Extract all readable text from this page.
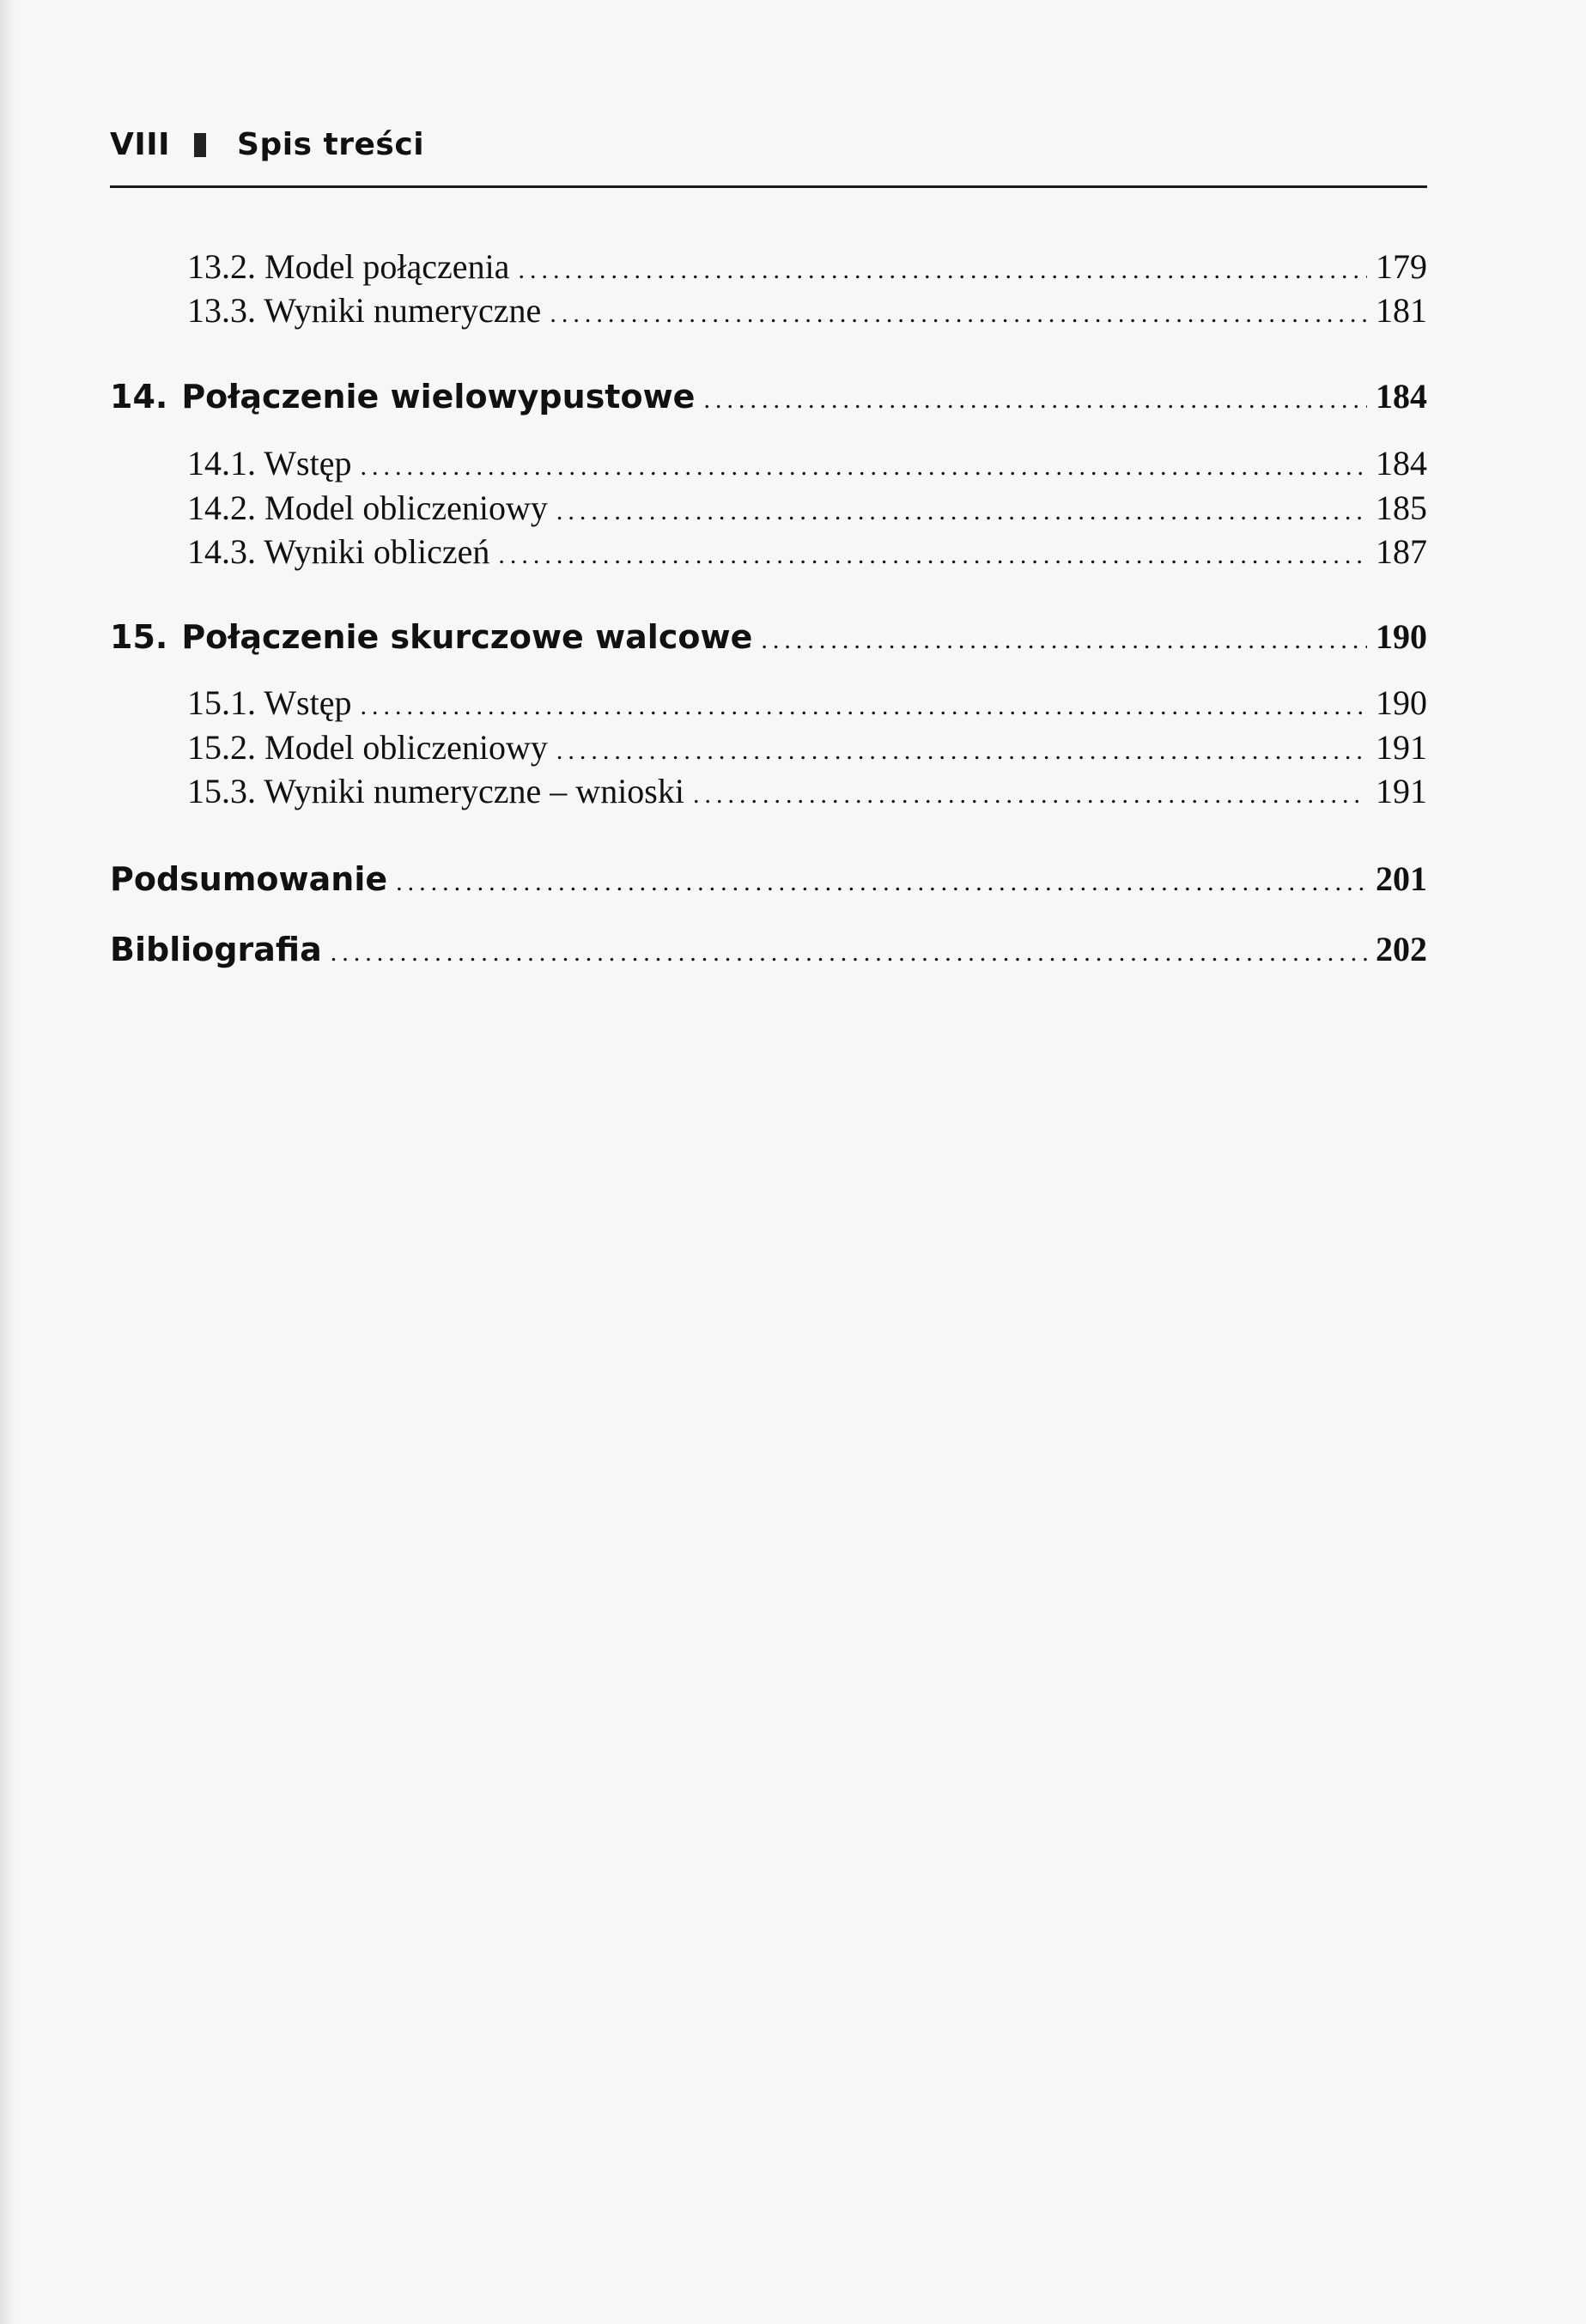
VIII Spis treści
13.2. Model połączenia .....	179
13.3. Wyniki numeryczne .....	181
14. Połączenie wielowypustowe .....	184
14.1. Wstęp .....	184
14.2. Model obliczeniowy .....	185
14.3. Wyniki obliczeń .....	187
15. Połączenie skurczowe walcowe .....	190
15.1. Wstęp .....	190
15.2. Model obliczeniowy .....	191
15.3. Wyniki numeryczne – wnioski .....	191
Podsumowanie .....	201
Bibliografia .....	202
